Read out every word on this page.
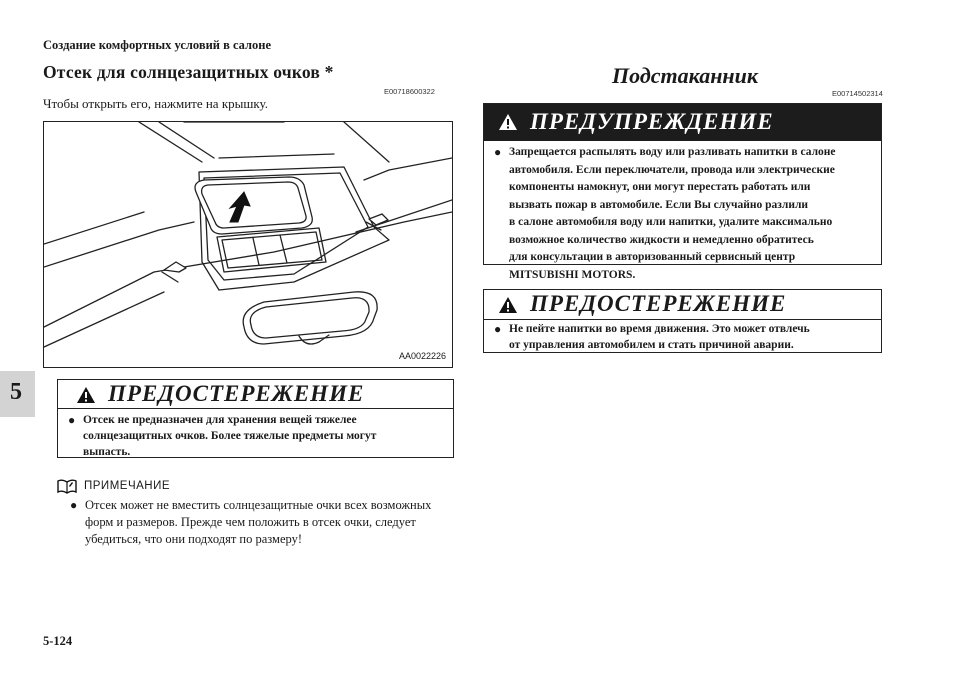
Создание комфортных условий в салоне
Отсек для солнцезащитных очков *
E00718600322
Чтобы открыть его, нажмите на крышку.
AA0022226
ПРЕДОСТЕРЕЖЕНИЕ
● Отсек не предназначен для хранения вещей тяжелее
солнцезащитных очков. Более тяжелые предметы могут
выпасть.
5
ПРИМЕЧАНИЕ
● Отсек может не вместить солнцезащитные очки всех возможных
форм и размеров. Прежде чем положить в отсек очки, следует
убедиться, что они подходят по размеру!
Подстаканник
E00714502314
ПРЕДУПРЕЖДЕНИЕ
● Запрещается распылять воду или разливать напитки в салоне
автомобиля. Если переключатели, провода или электрические
компоненты намокнут, они могут перестать работать или
вызвать пожар в автомобиле. Если Вы случайно разлили
в салоне автомобиля воду или напитки, удалите максимально
возможное количество жидкости и немедленно обратитесь
для консультации в авторизованный сервисный центр
MITSUBISHI MOTORS.
ПРЕДОСТЕРЕЖЕНИЕ
● Не пейте напитки во время движения. Это может отвлечь
от управления автомобилем и стать причиной аварии.
5-124
